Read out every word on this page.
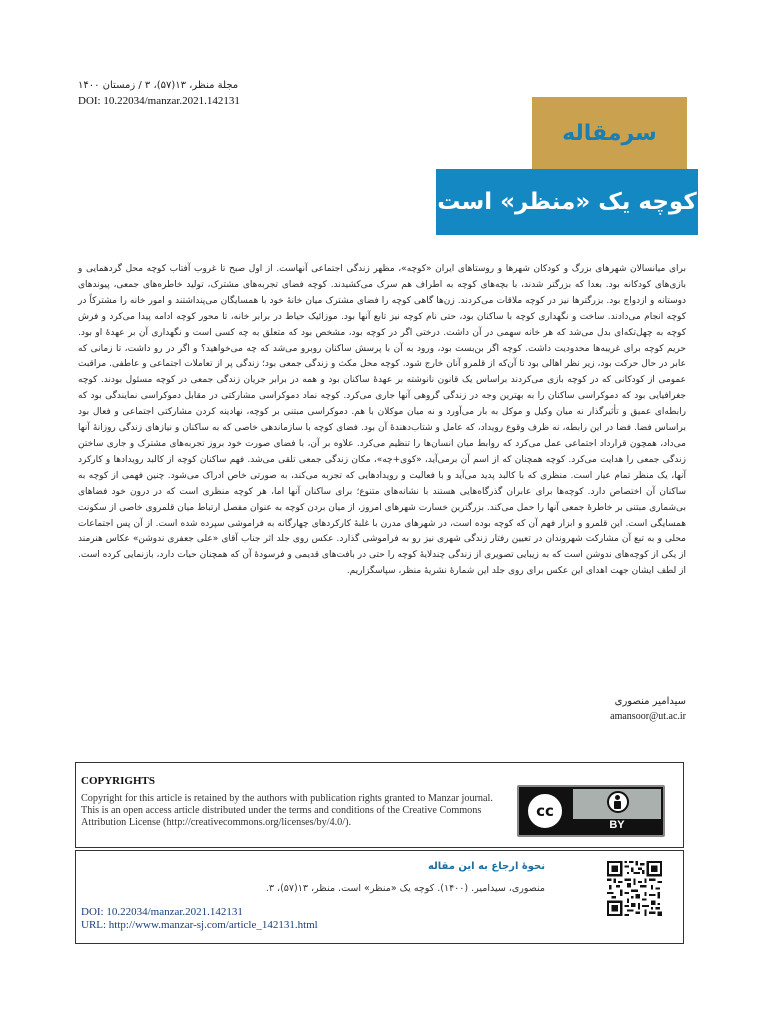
مجلة منظر، ۱۳(۵۷)، ۳ / زمستان ۱۴۰۰
DOI: 10.22034/manzar.2021.142131
سرمقاله
کوچه یک «منظر» است

برای میانسالان شهرهای بزرگ و کودکان شهرها و روستاهای ایران «کوچه»، مظهر زندگی اجتماعی آنهاست. از اول صبح تا غروب آفتاب کوچه محل گردهمایی و بازی‌های کودکانه بود. بعدا که بزرگتر شدند، با بچه‌های کوچه به اطراف هم سرک می‌کشیدند. کوچه فضای تجربه‌های مشترک، تولید خاطره‌های جمعی، پیوندهای دوستانه و ازدواج بود. بزرگترها نیز در کوچه ملاقات می‌کردند. زن‌ها گاهی کوچه را فضای مشترک میان خانهٔ خود با همسایگان می‌پنداشتند و امور خانه را مشترکاً در کوچه انجام می‌دادند. ساخت و نگهداری کوچه با ساکنان بود، حتی نام کوچه نیز تابع آنها بود. موزائیک حیاط در برابر خانه، تا محور کوچه ادامه پیدا می‌کرد و فرش کوچه به چهل‌تکه‌ای بدل می‌شد که هر خانه سهمی در آن داشت. درختی اگر در کوچه بود، مشخص بود که متعلق به چه کسی است و نگهداری آن بر عهدهٔ او بود. حریم کوچه برای غریبه‌ها محدودیت داشت. کوچه اگر بن‌بست بود، ورود به آن با پرسش ساکنان روبرو می‌شد که چه می‌خواهید؟ و اگر در رو داشت، تا زمانی که عابر در حال حرکت بود، زیر نظر اهالی بود تا آن‌که از قلمرو آنان خارج شود. کوچه محل مکث و زندگی جمعی بود؛ زندگی پر از تعاملات اجتماعی و عاطفی. مراقبت عمومی از کودکانی که در کوچه بازی می‌کردند براساس یک قانون نانوشته بر عهدهٔ ساکنان بود و همه در برابر جریان زندگی جمعی در کوچه مسئول بودند. کوچه جغرافیایی بود که دموکراسی ساکنان را به بهترین وجه در زندگی گروهی آنها جاری می‌کرد. کوچه نماد دموکراسی مشارکتی در مقابل دموکراسی نمایندگی بود که رابطه‌ای عمیق و تأثیرگذار نه میان وکیل و موکل به بار می‌آورد و نه میان موکلان با هم. دموکراسی مبتنی بر کوچه، نهادینه کردن مشارکتی اجتماعی و فعال بود براساس فضا. فضا در این رابطه، نه ظرف وقوع رویداد، که عامل و شتاب‌دهندهٔ آن بود. فضای کوچه با سازماندهی خاصی که به ساکنان و نیازهای زندگی روزانهٔ آنها می‌داد، همچون قرارداد اجتماعی عمل می‌کرد که روابط میان انسان‌ها را تنظیم می‌کرد. علاوه بر آن، با فضای صورت خود بروز تجربه‌های مشترک و جاری ساختن زندگی جمعی را هدایت می‌کرد. کوچه همچنان که از اسم آن برمی‌آید، «کوی+چه»، مکان زندگی جمعی تلقی می‌شد. فهم ساکنان کوچه از کالبد رویدادها و کارکرد آنها، یک منظر تمام عیار است. منظری که با کالبد پدید می‌آید و با فعالیت و رویدادهایی که تجربه می‌کند، به صورتی خاص ادراک می‌شود. چنین فهمی از کوچه به ساکنان آن اختصاص دارد. کوچه‌ها برای عابران گذرگاه‌هایی هستند با نشانه‌های متنوع؛ برای ساکنان آنها اما، هر کوچه منظری است که در درون خود فضاهای بی‌شماری مبتنی بر خاطرهٔ جمعی آنها را حمل می‌کند. بزرگترین خسارت شهرهای امروز، از میان بردن کوچه به عنوان مفصل ارتباط میان قلمروی خاصی از سکونت همسایگی است. این قلمرو و ابزار فهم آن که کوچه بوده است، در شهرهای مدرن با غلبهٔ کارکردهای چهارگانه به فراموشی سپرده شده است. از آن پس اجتماعات محلی و به تبع آن مشارکت شهروندان در تعیین رفتار زندگی شهری نیز رو به فراموشی گذارد. عکس روی جلد اثر جناب آقای «علی جعفری ندوشن» عکاس هنرمند از یکی از کوچه‌های ندوشن است که به زیبایی تصویری از زندگی چندلایهٔ کوچه را حتی در بافت‌های قدیمی و فرسودهٔ آن که همچنان حیات دارد، بازنمایی کرده است. از لطف ایشان جهت اهدای این عکس برای روی جلد این شمارهٔ نشریهٔ منظر، سپاسگزاریم.

سیدامیر منصوری
amansoor@ut.ac.ir
COPYRIGHTS
Copyright for this article is retained by the authors with publication rights granted to Manzar journal. This is an open access article distributed under the terms and conditions of the Creative Commons Attribution License (http://creativecommons.org/licenses/by/4.0/).
cc
BY
نحوهٔ ارجاع به این مقاله
منصوری، سیدامیر. (۱۴۰۰). کوچه یک «منظر» است. منظر، ۱۳(۵۷)، ۳.
DOI: 10.22034/manzar.2021.142131
URL: http://www.manzar-sj.com/article_142131.html
